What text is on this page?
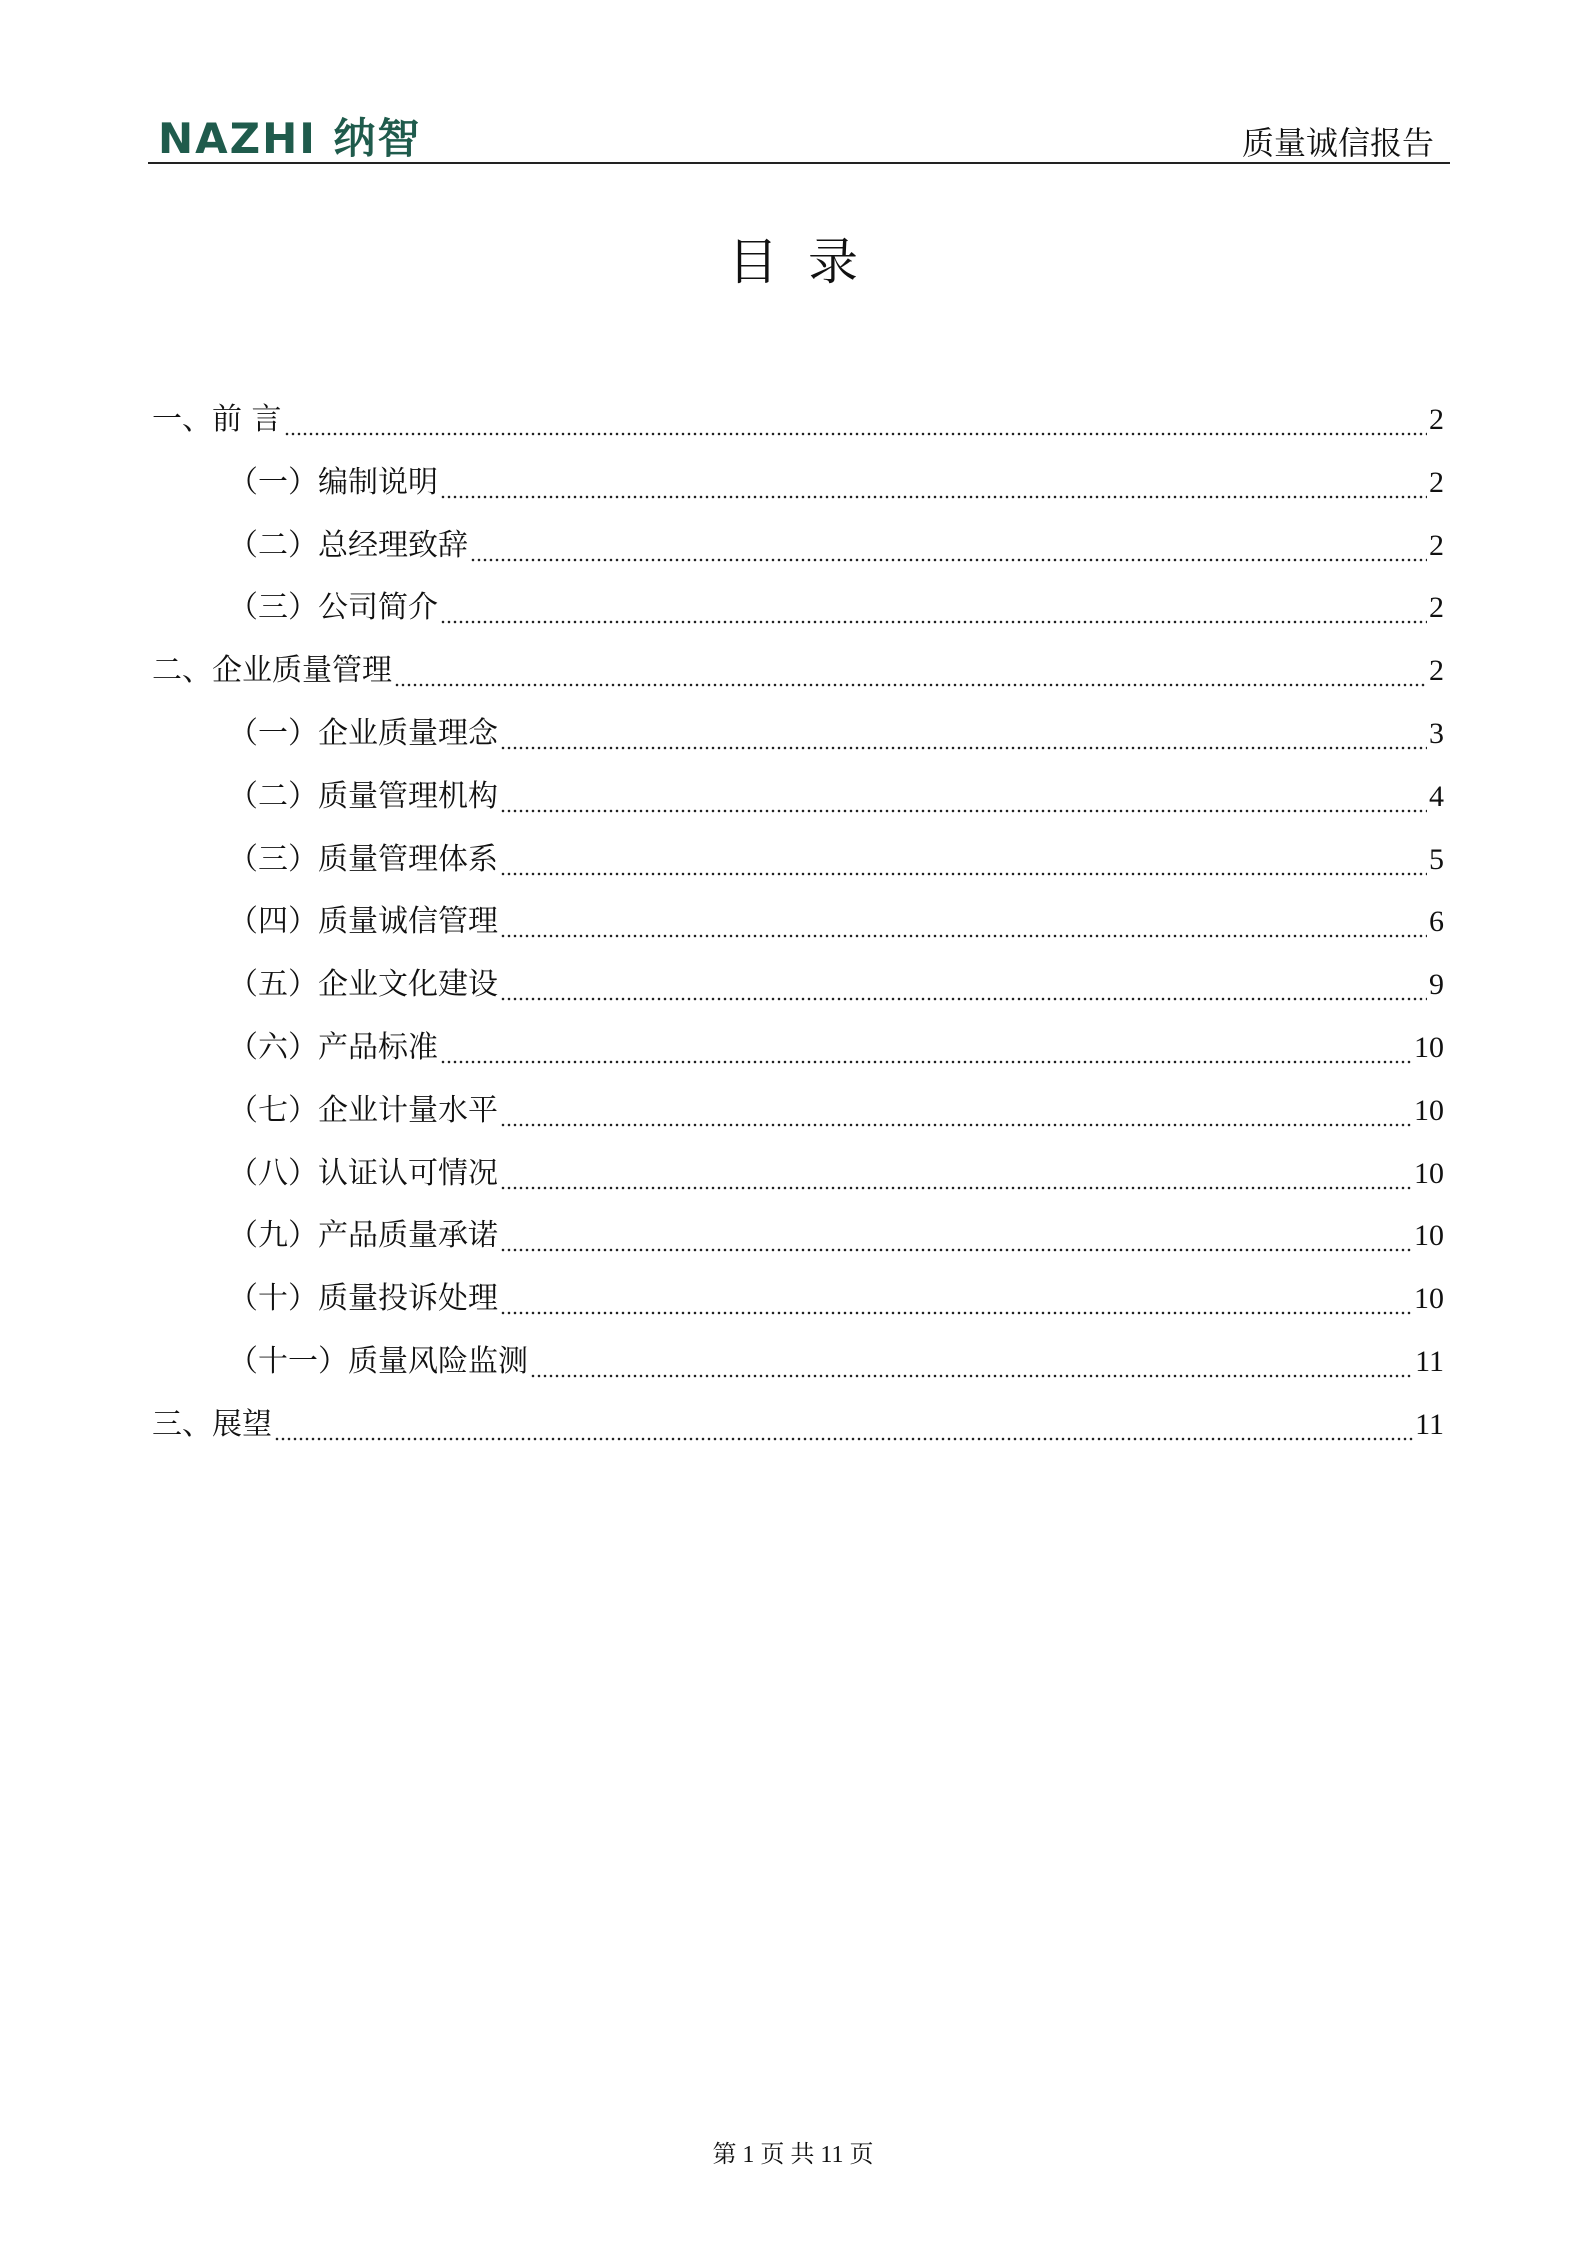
NAZHI 纳智	质量诚信报告
目录
一、前 言	2
（一）编制说明	2
（二）总经理致辞	2
（三）公司简介	2
二、企业质量管理	2
（一）企业质量理念	3
（二）质量管理机构	4
（三）质量管理体系	5
（四）质量诚信管理	6
（五）企业文化建设	9
（六）产品标准	10
（七）企业计量水平	10
（八）认证认可情况	10
（九）产品质量承诺	10
（十）质量投诉处理	10
（十一）质量风险监测	11
三、展望	11
第 1 页 共 11 页
